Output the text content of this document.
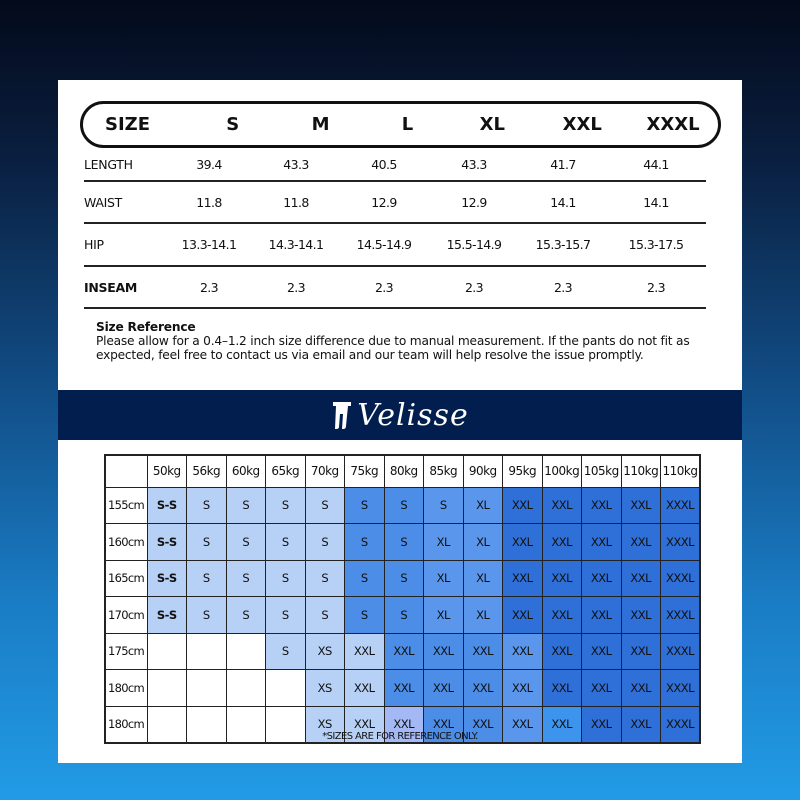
SIZE	S	M	L	XL	XXL	XXXL
LENGTH	39.4	43.3	40.5	43.3	41.7	44.1
WAIST	11.8	11.8	12.9	12.9	14.1	14.1
HIP	13.3-14.1	14.3-14.1	14.5-14.9	15.5-14.9	15.3-15.7	15.3-17.5
INSEAM	2.3	2.3	2.3	2.3	2.3	2.3
Size Reference
Please allow for a 0.4–1.2 inch size difference due to manual measurement. If the pants do not fit as expected, feel free to contact us via email and our team will help resolve the issue promptly.
Velisse
	50kg	56kg	60kg	65kg	70kg	75kg	80kg	85kg	90kg	95kg	100kg	105kg	110kg	110kg
155cm	S-S	S	S	S	S	S	S	S	XL	XXL	XXL	XXL	XXL	XXXL
160cm	S-S	S	S	S	S	S	S	XL	XL	XXL	XXL	XXL	XXL	XXXL
165cm	S-S	S	S	S	S	S	S	XL	XL	XXL	XXL	XXL	XXL	XXXL
170cm	S-S	S	S	S	S	S	S	XL	XL	XXL	XXL	XXL	XXL	XXXL
175cm				S	XS	XXL	XXL	XXL	XXL	XXL	XXL	XXL	XXL	XXXL
180cm					XS	XXL	XXL	XXL	XXL	XXL	XXL	XXL	XXL	XXXL
180cm					XS	XXL	XXL	XXL	XXL	XXL	XXL	XXL	XXL	XXXL
*SIZES ARE FOR REFERENCE ONLY.
